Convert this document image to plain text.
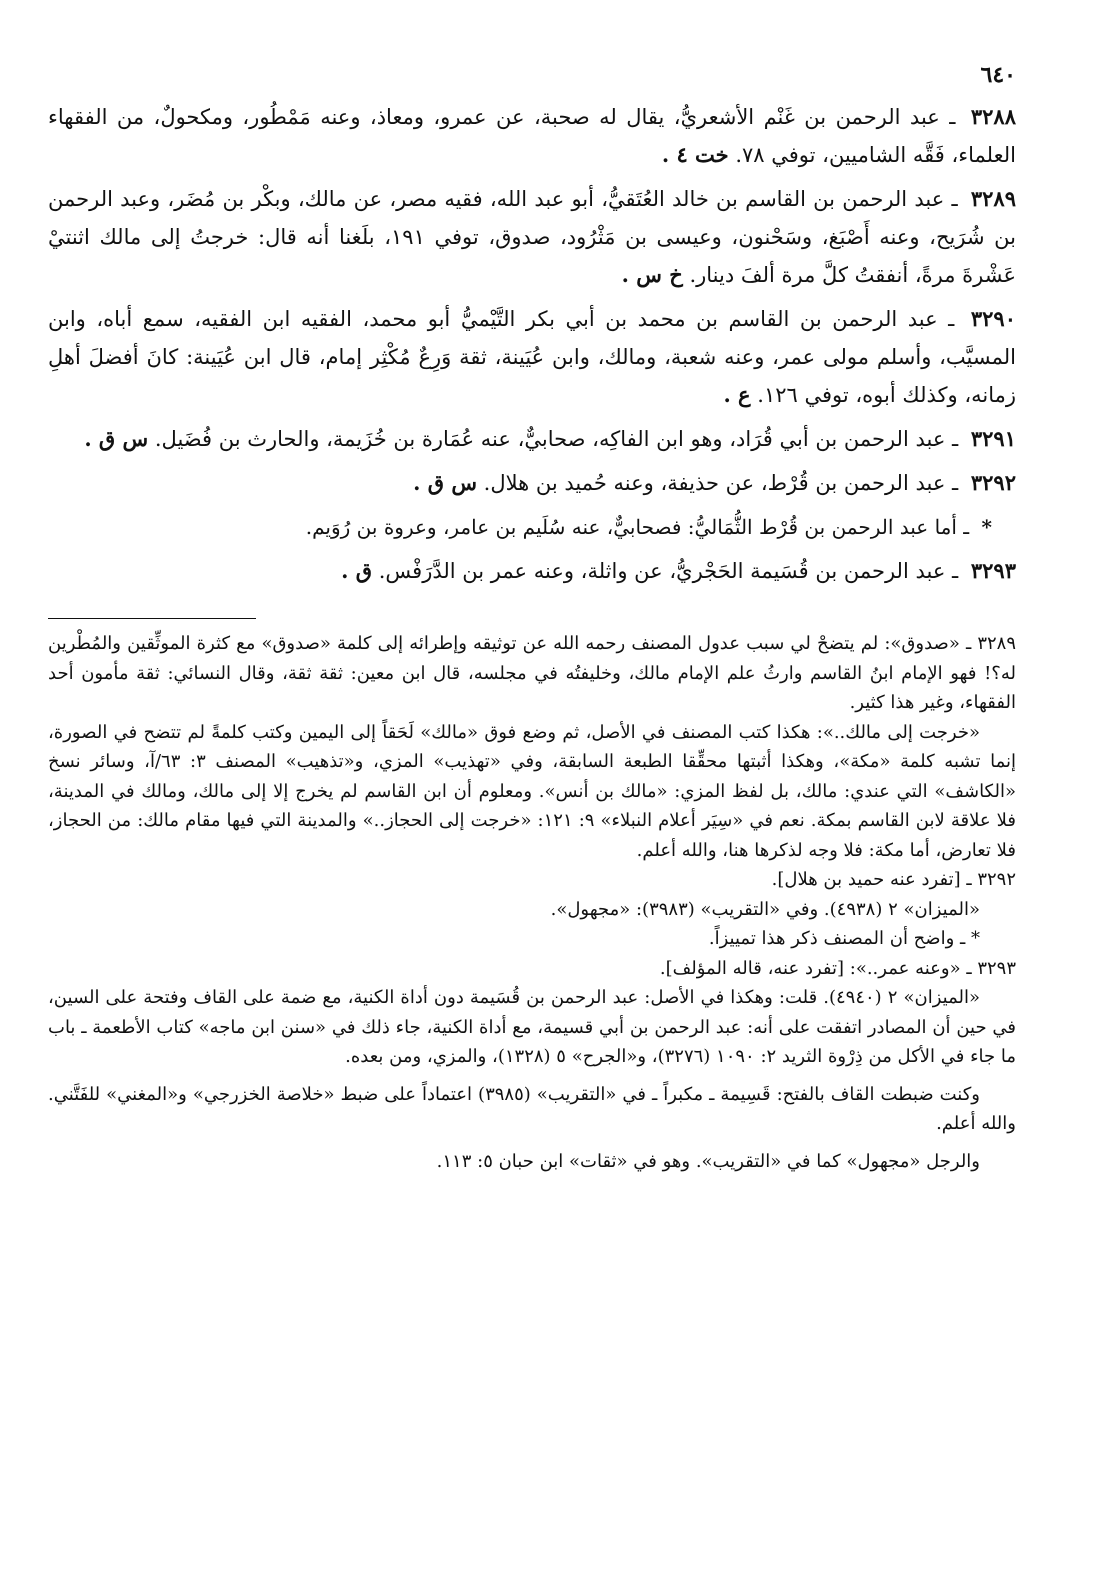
٦٤٠

٣٢٨٨ ـ عبد الرحمن بن غَنْم الأشعريُّ، يقال له صحبة، عن عمرو، ومعاذ، وعنه مَمْطُور، ومكحولٌ، من الفقهاء العلماء، فَقَّه الشاميين، توفي ٧٨. خت ٤ .

٣٢٨٩ ـ عبد الرحمن بن القاسم بن خالد العُتَقيُّ، أبو عبد الله، فقيه مصر، عن مالك، وبكْر بن مُضَر، وعبد الرحمن بن شُرَيح، وعنه أَصْبَغ، وسَحْنون، وعيسى بن مَثْرُود، صدوق، توفي ١٩١، بلَغنا أنه قال: خرجتُ إلى مالك اثنتيْ عَشْرةَ مرةً، أنفقتُ كلَّ مرة ألفَ دينار. خ س .

٣٢٩٠ ـ عبد الرحمن بن القاسم بن محمد بن أبي بكر التَّيْميُّ أبو محمد، الفقيه ابن الفقيه، سمع أباه، وابن المسيَّب، وأسلم مولى عمر، وعنه شعبة، ومالك، وابن عُيَينة، ثقة وَرِعٌ مُكْثِر إمام، قال ابن عُيَينة: كانَ أفضلَ أهلِ زمانه، وكذلك أبوه، توفي ١٢٦. ع .

٣٢٩١ ـ عبد الرحمن بن أبي قُرَاد، وهو ابن الفاكِه، صحابيٌّ، عنه عُمَارة بن خُزَيمة، والحارث بن فُضَيل. س ق .

٣٢٩٢ ـ عبد الرحمن بن قُرْط، عن حذيفة، وعنه حُميد بن هلال. س ق .

* ـ أما عبد الرحمن بن قُرْط الثُّمَاليُّ: فصحابيٌّ، عنه سُلَيم بن عامر، وعروة بن رُوَيم.

٣٢٩٣ ـ عبد الرحمن بن قُسَيمة الحَجْريُّ، عن واثلة، وعنه عمر بن الدَّرَفْس. ق .

٣٢٨٩ ـ «صدوق»: لم يتضحْ لي سبب عدول المصنف رحمه الله عن توثيقه وإطرائه إلى كلمة «صدوق» مع كثرة الموثِّقين والمُطْرين له؟! فهو الإمام ابنُ القاسم وارثُ علم الإمام مالك، وخليفتُه في مجلسه، قال ابن معين: ثقة ثقة، وقال النسائي: ثقة مأمون أحد الفقهاء، وغير هذا كثير.

«خرجت إلى مالك..»: هكذا كتب المصنف في الأصل، ثم وضع فوق «مالك» لَحَقاً إلى اليمين وكتب كلمةً لم تتضح في الصورة، إنما تشبه كلمة «مكة»، وهكذا أثبتها محقِّقا الطبعة السابقة، وفي «تهذيب» المزي، و«تذهيب» المصنف ٣: ٦٣/آ، وسائر نسخ «الكاشف» التي عندي: مالك، بل لفظ المزي: «مالك بن أنس». ومعلوم أن ابن القاسم لم يخرج إلا إلى مالك، ومالك في المدينة، فلا علاقة لابن القاسم بمكة. نعم في «سِيَر أعلام النبلاء» ٩: ١٢١: «خرجت إلى الحجاز..» والمدينة التي فيها مقام مالك: من الحجاز، فلا تعارض، أما مكة: فلا وجه لذكرها هنا، والله أعلم.

٣٢٩٢ ـ [تفرد عنه حميد بن هلال].

«الميزان» ٢ (٤٩٣٨). وفي «التقريب» (٣٩٨٣): «مجهول».

* ـ واضح أن المصنف ذكر هذا تمييزاً.

٣٢٩٣ ـ «وعنه عمر..»: [تفرد عنه، قاله المؤلف].

«الميزان» ٢ (٤٩٤٠). قلت: وهكذا في الأصل: عبد الرحمن بن قُسَيمة دون أداة الكنية، مع ضمة على القاف وفتحة على السين، في حين أن المصادر اتفقت على أنه: عبد الرحمن بن أبي قسيمة، مع أداة الكنية، جاء ذلك في «سنن ابن ماجه» كتاب الأطعمة ـ باب ما جاء في الأكل من ذِرْوة الثريد ٢: ١٠٩٠ (٣٢٧٦)، و«الجرح» ٥ (١٣٢٨)، والمزي، ومن بعده.

وكنت ضبطت القاف بالفتح: قَسِيمة ـ مكبراً ـ في «التقريب» (٣٩٨٥) اعتماداً على ضبط «خلاصة الخزرجي» و«المغني» للفَتَّني. والله أعلم.

والرجل «مجهول» كما في «التقريب». وهو في «ثقات» ابن حبان ٥: ١١٣.
